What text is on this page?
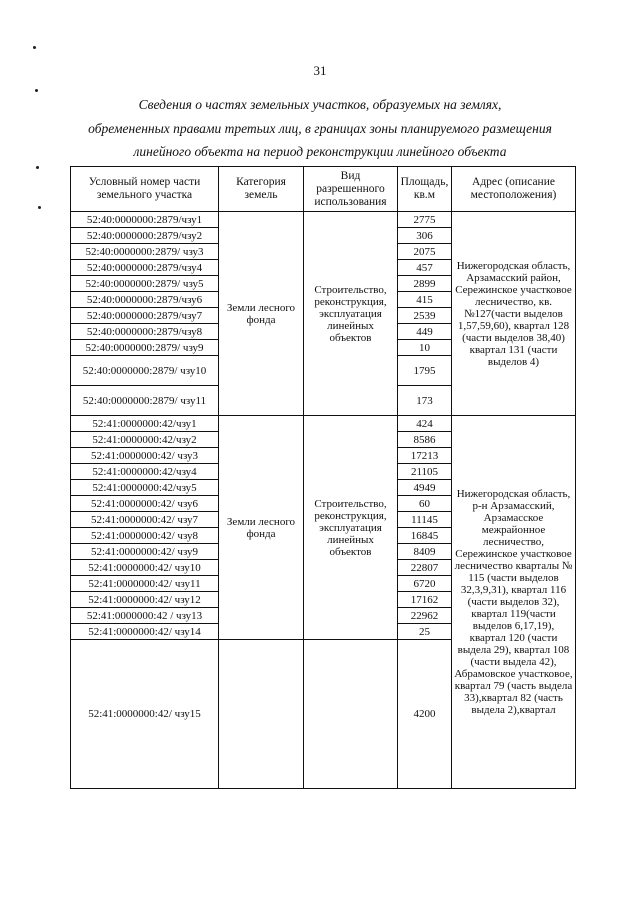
31
Сведения о частях земельных участков, образуемых на землях,
обремененных правами третьих лиц, в границах зоны планируемого размещения
линейного объекта на период реконструкции линейного объекта
Условный номер части земельного участка	Категория земель	Вид разрешенного использования	Площадь, кв.м	Адрес (описание местоположения)
52:40:0000000:2879/чзу1	Земли лесного фонда	Строительство, реконструкция, эксплуатация линейных объектов	2775	Нижегородская область, Арзамасский район, Сережинское участковое лесничество, кв.№127(части выделов 1,57,59,60), квартал 128 (части выделов 38,40) квартал 131 (части выделов 4)
52:40:0000000:2879/чзу2			306	
52:40:0000000:2879/ чзу3			2075	
52:40:0000000:2879/чзу4			457	
52:40:0000000:2879/ чзу5			2899	
52:40:0000000:2879/чзу6			415	
52:40:0000000:2879/чзу7			2539	
52:40:0000000:2879/чзу8			449	
52:40:0000000:2879/ чзу9			10	
52:40:0000000:2879/ чзу10			1795	
52:40:0000000:2879/ чзу11			173	
52:41:0000000:42/чзу1	Земли лесного фонда	Строительство, реконструкция, эксплуатация линейных объектов	424	Нижегородская область, р-н Арзамасский, Арзамасское межрайонное лесничество, Сережинское участковое лесничество кварталы № 115 (части выделов 32,3,9,31), квартал 116 (части выделов 32), квартал 119(части выделов 6,17,19), квартал 120 (части выдела 29), квартал 108 (части выдела 42), Абрамовское участковое, квартал 79 (часть выдела 33),квартал 82 (часть выдела 2),квартал
52:41:0000000:42/чзу2			8586	
52:41:0000000:42/ чзу3			17213	
52:41:0000000:42/чзу4			21105	
52:41:0000000:42/чзу5			4949	
52:41:0000000:42/ чзу6			60	
52:41:0000000:42/ чзу7			11145	
52:41:0000000:42/ чзу8			16845	
52:41:0000000:42/ чзу9			8409	
52:41:0000000:42/ чзу10			22807	
52:41:0000000:42/ чзу11			6720	
52:41:0000000:42/ чзу12			17162	
52:41:0000000:42 / чзу13			22962	
52:41:0000000:42/ чзу14			25	
52:41:0000000:42/ чзу15			4200	
